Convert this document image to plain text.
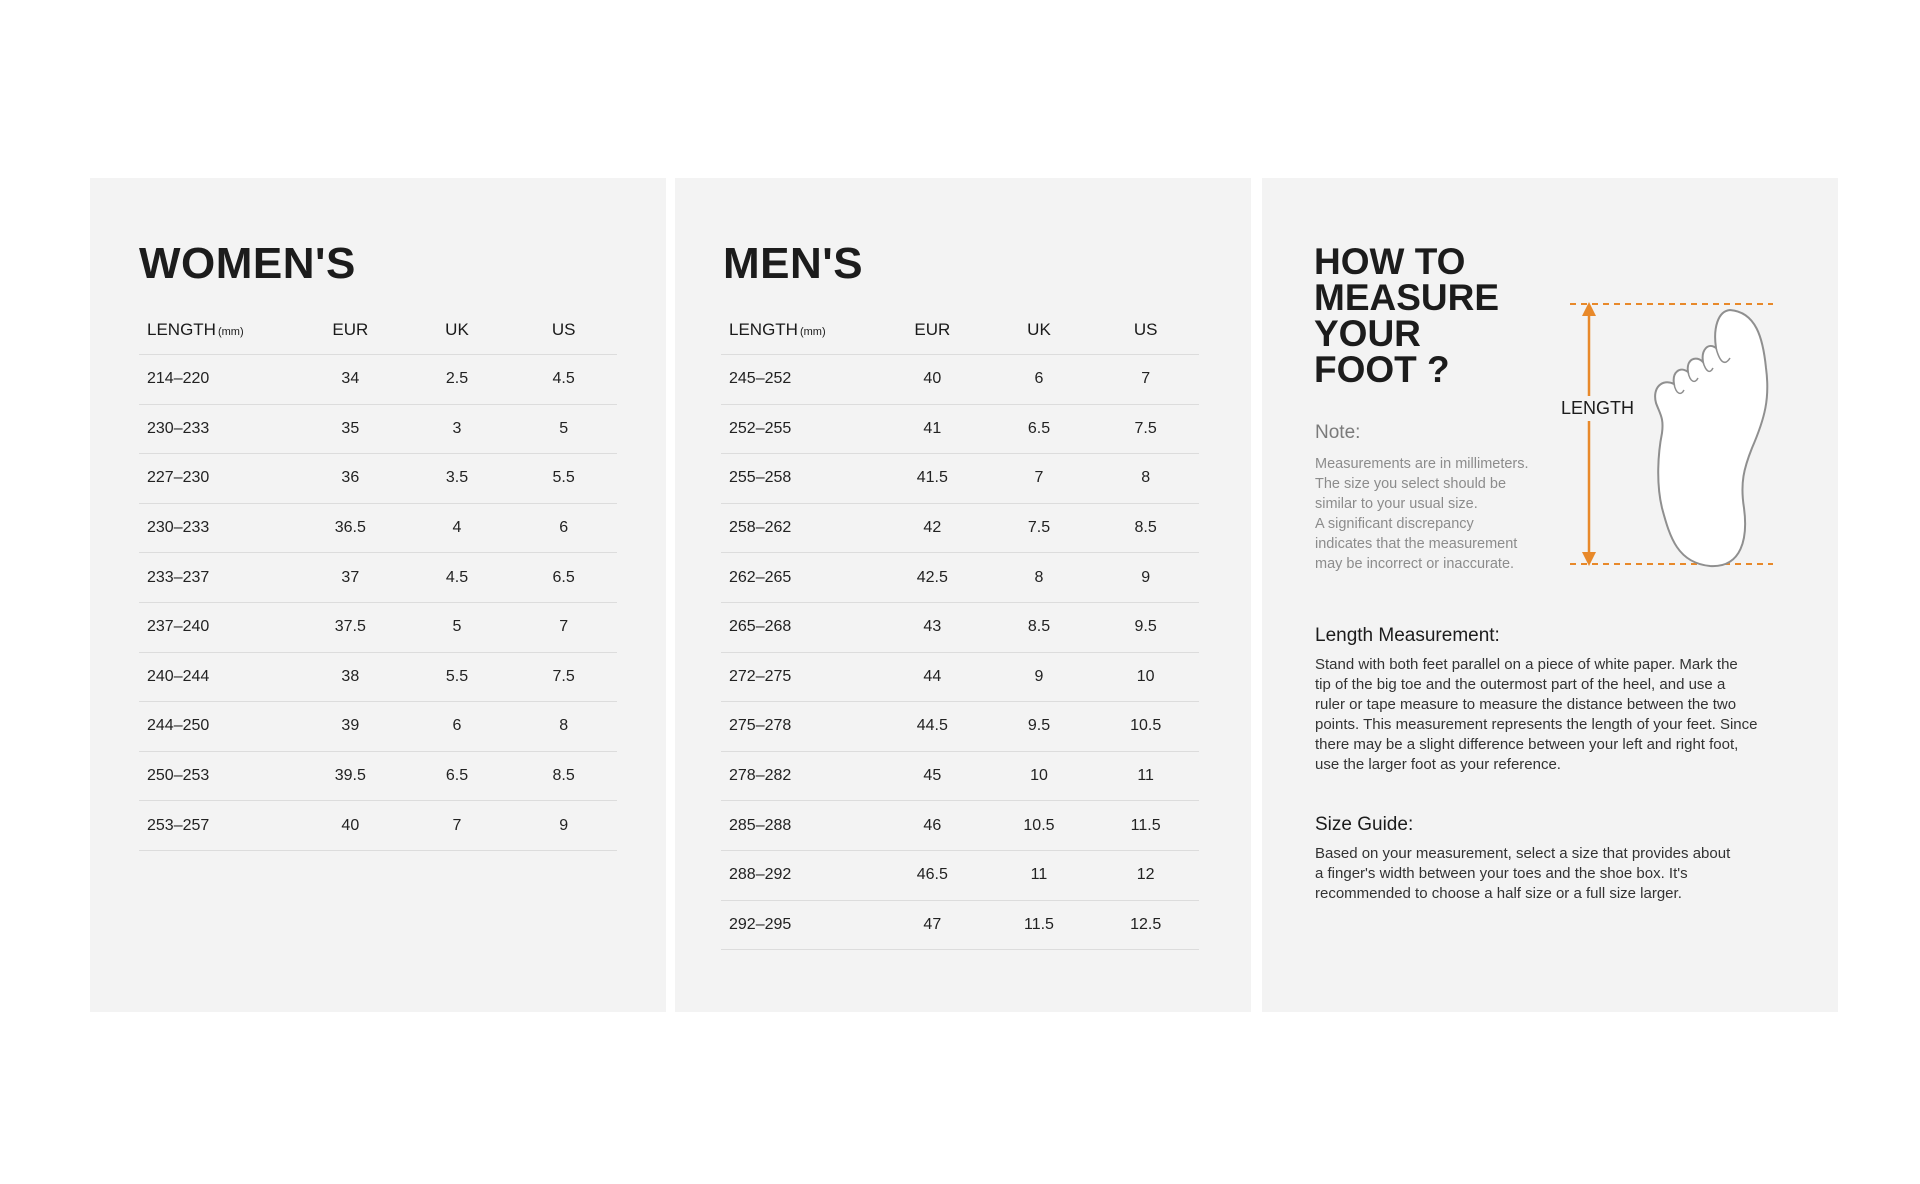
WOMEN'S
LENGTH (mm)	EUR	UK	US
214–220	34	2.5	4.5
230–233	35	3	5
227–230	36	3.5	5.5
230–233	36.5	4	6
233–237	37	4.5	6.5
237–240	37.5	5	7
240–244	38	5.5	7.5
244–250	39	6	8
250–253	39.5	6.5	8.5
253–257	40	7	9
MEN'S
LENGTH (mm)	EUR	UK	US
245–252	40	6	7
252–255	41	6.5	7.5
255–258	41.5	7	8
258–262	42	7.5	8.5
262–265	42.5	8	9
265–268	43	8.5	9.5
272–275	44	9	10
275–278	44.5	9.5	10.5
278–282	45	10	11
285–288	46	10.5	11.5
288–292	46.5	11	12
292–295	47	11.5	12.5
HOW TO
MEASURE
YOUR
FOOT ?
Note:

Measurements are in millimeters.
The size you select should be
similar to your usual size.
A significant discrepancy
indicates that the measurement
may be incorrect or inaccurate.

LENGTH
Length Measurement:

Stand with both feet parallel on a piece of white paper. Mark the
tip of the big toe and the outermost part of the heel, and use a
ruler or tape measure to measure the distance between the two
points. This measurement represents the length of your feet. Since
there may be a slight difference between your left and right foot,
use the larger foot as your reference.

Size Guide:

Based on your measurement, select a size that provides about
a finger's width between your toes and the shoe box. It's
recommended to choose a half size or a full size larger.
